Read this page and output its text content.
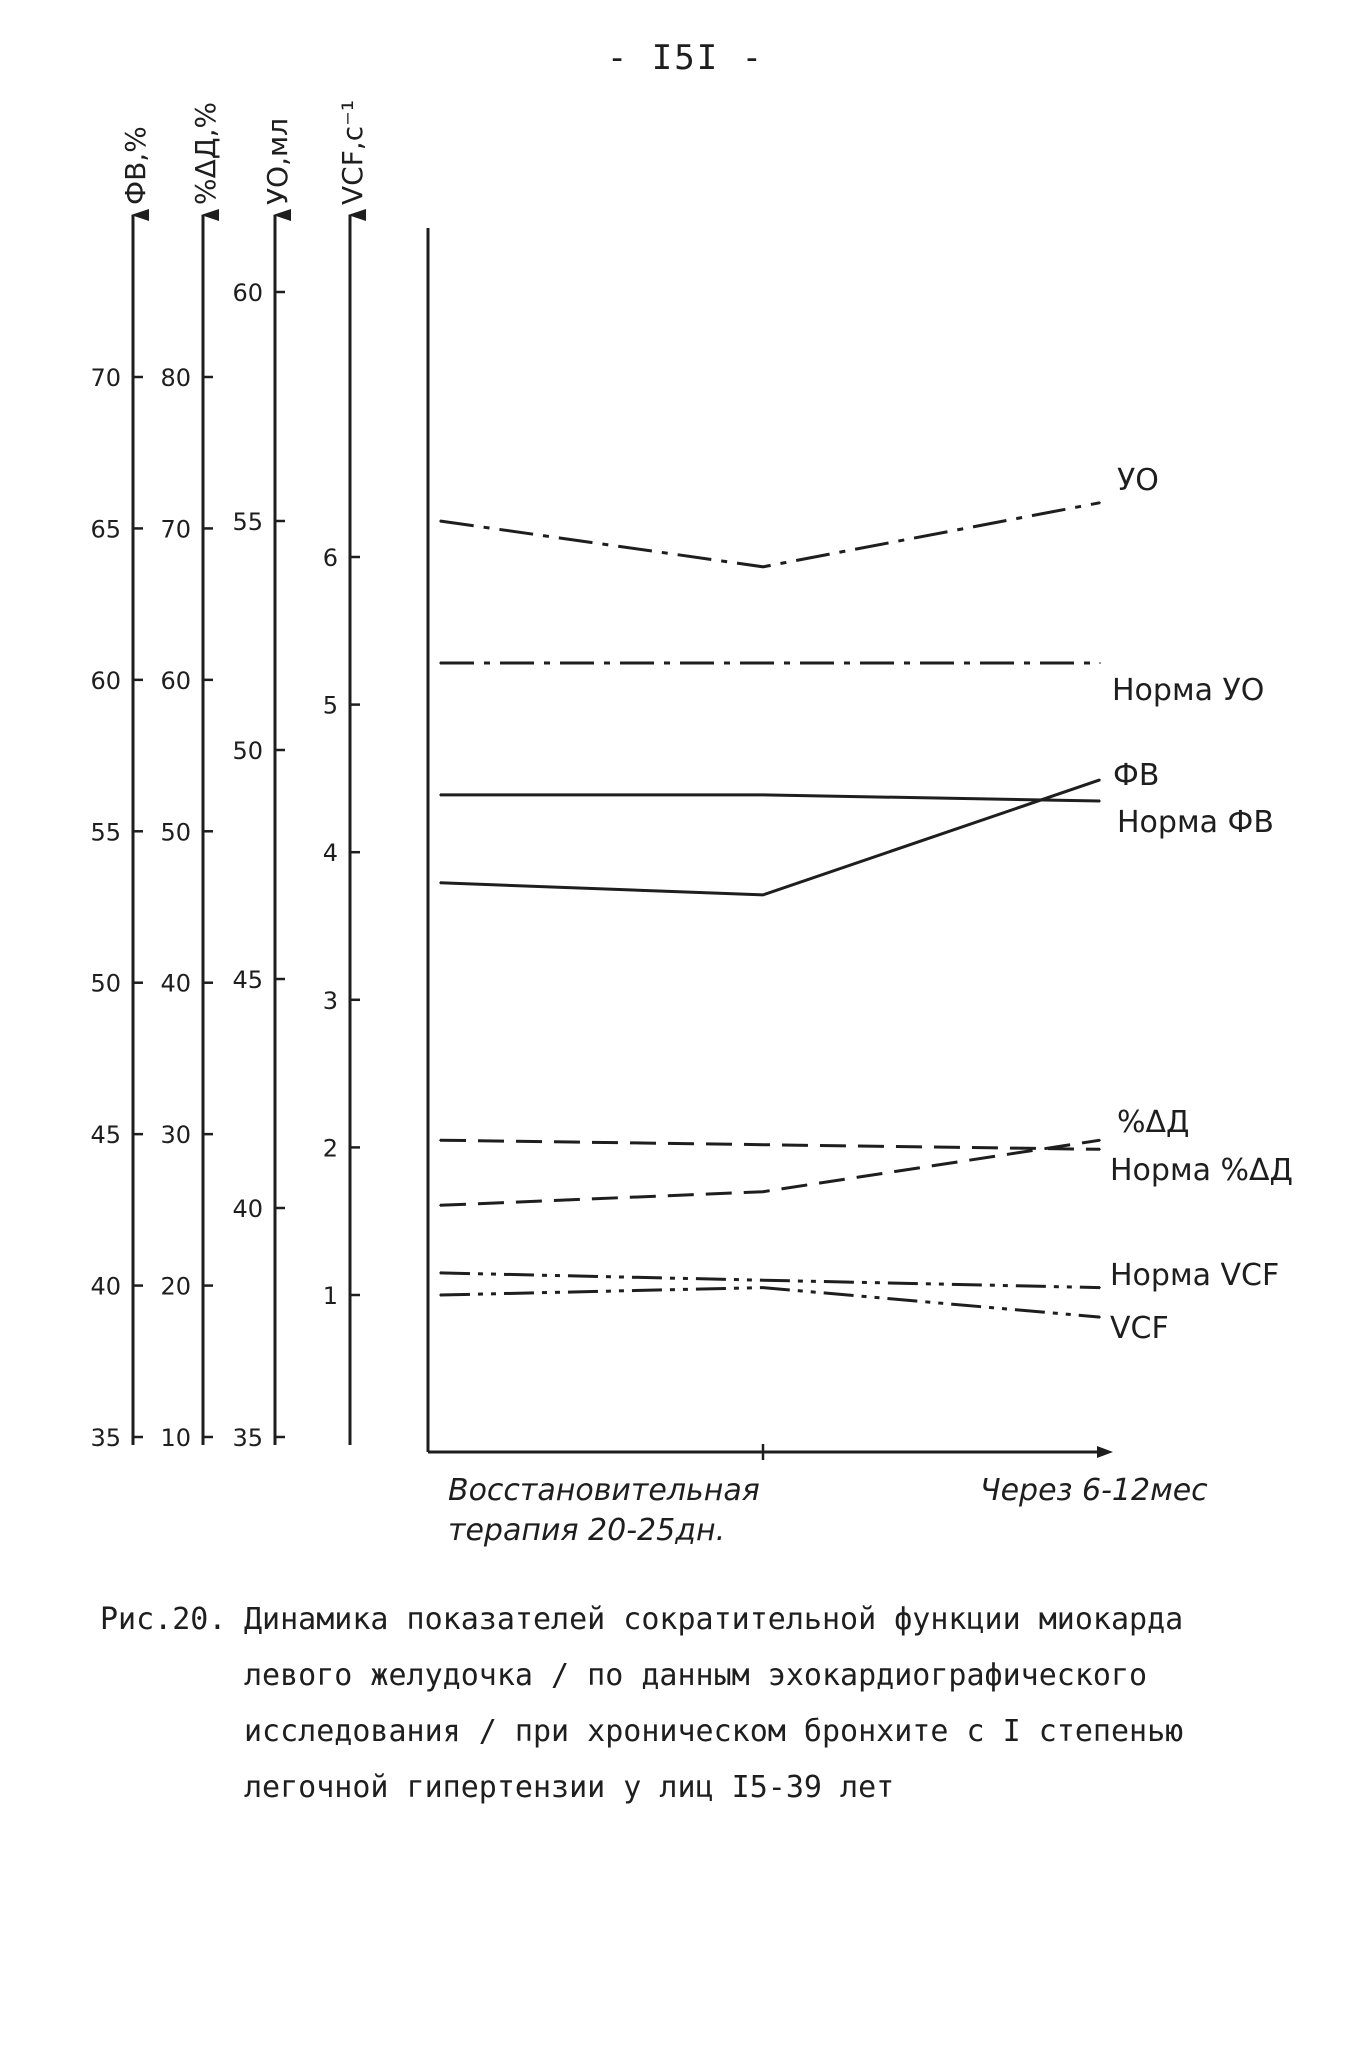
- I5I -
ФВ,%
35
40
45
50
55
60
65
70
%ΔД,%
10
20
30
40
50
60
70
80
УО,мл
35
40
45
50
55
60
VCF,с⁻¹
1
2
3
4
5
6
Восстановительная
терапия 20-25дн.
Через 6-12мес
УО
Норма УО
ФВ
Норма ФВ
%ΔД
Норма %ΔД
Норма VCF
VCF
Рис.20. Динамика показателей сократительной функции миокарда
левого желудочка / по данным эхокардиографического
исследования / при хроническом бронхите с I степенью
легочной гипертензии у лиц I5-39 лет
